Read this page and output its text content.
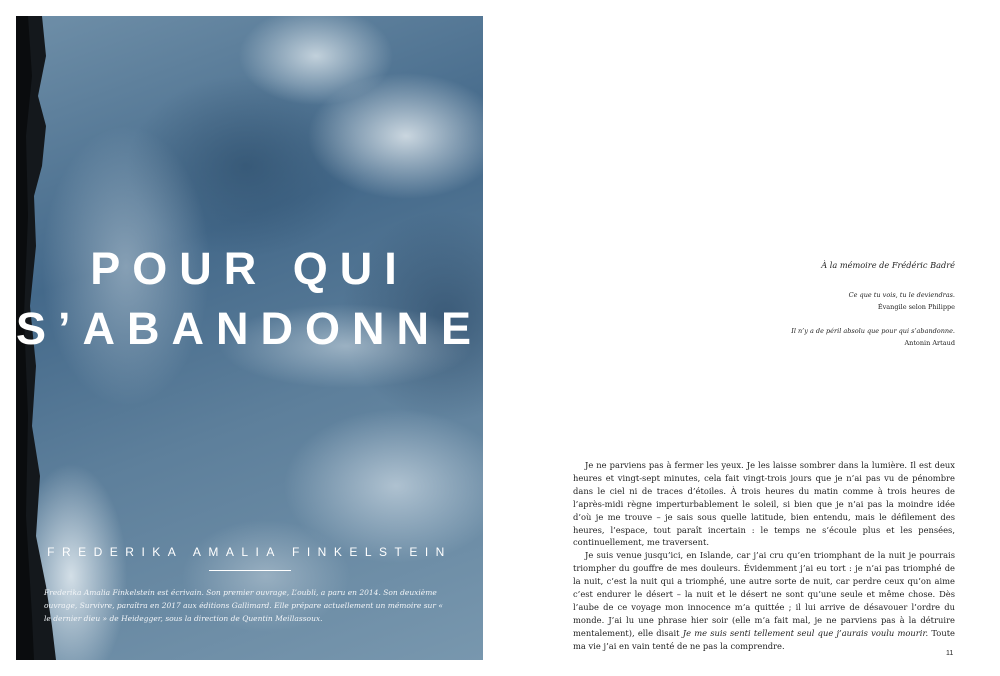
POUR QUI
S’ABANDONNE
FREDERIKA AMALIA FINKELSTEIN
Frederika Amalia Finkelstein est écrivain. Son premier ouvrage, L’oubli, a paru en 2014. Son deuxième ouvrage, Survivre, paraîtra en 2017 aux éditions Gallimard. Elle prépare actuellement un mémoire sur « le dernier dieu » de Heidegger, sous la direction de Quentin Meillassoux.
À la mémoire de Frédéric Badré
Ce que tu vois, tu le deviendras.
Évangile selon Philippe
Il n’y a de péril absolu que pour qui s’abandonne.
Antonin Artaud

Je ne parviens pas à fermer les yeux. Je les laisse sombrer dans la lumière. Il est deux heures et vingt-sept minutes, cela fait vingt-trois jours que je n’ai pas vu de pénombre dans le ciel ni de traces d’étoiles. À trois heures du matin comme à trois heures de l’après-midi règne imperturbablement le soleil, si bien que je n’ai pas la moindre idée d’où je me trouve – je sais sous quelle latitude, bien entendu, mais le défilement des heures, l’espace, tout paraît incertain : le temps ne s’écoule plus et les pensées, continuellement, me traversent.

Je suis venue jusqu’ici, en Islande, car j’ai cru qu’en triomphant de la nuit je pourrais triompher du gouffre de mes douleurs. Évidemment j’ai eu tort : je n’ai pas triomphé de la nuit, c’est la nuit qui a triomphé, une autre sorte de nuit, car perdre ceux qu’on aime c’est endurer le désert – la nuit et le désert ne sont qu’une seule et même chose. Dès l’aube de ce voyage mon innocence m’a quittée ; il lui arrive de désavouer l’ordre du monde. J’ai lu une phrase hier soir (elle m’a fait mal, je ne parviens pas à la détruire mentalement), elle disait Je me suis senti tellement seul que j’aurais voulu mourir. Toute ma vie j’ai en vain tenté de ne pas la comprendre.

11
